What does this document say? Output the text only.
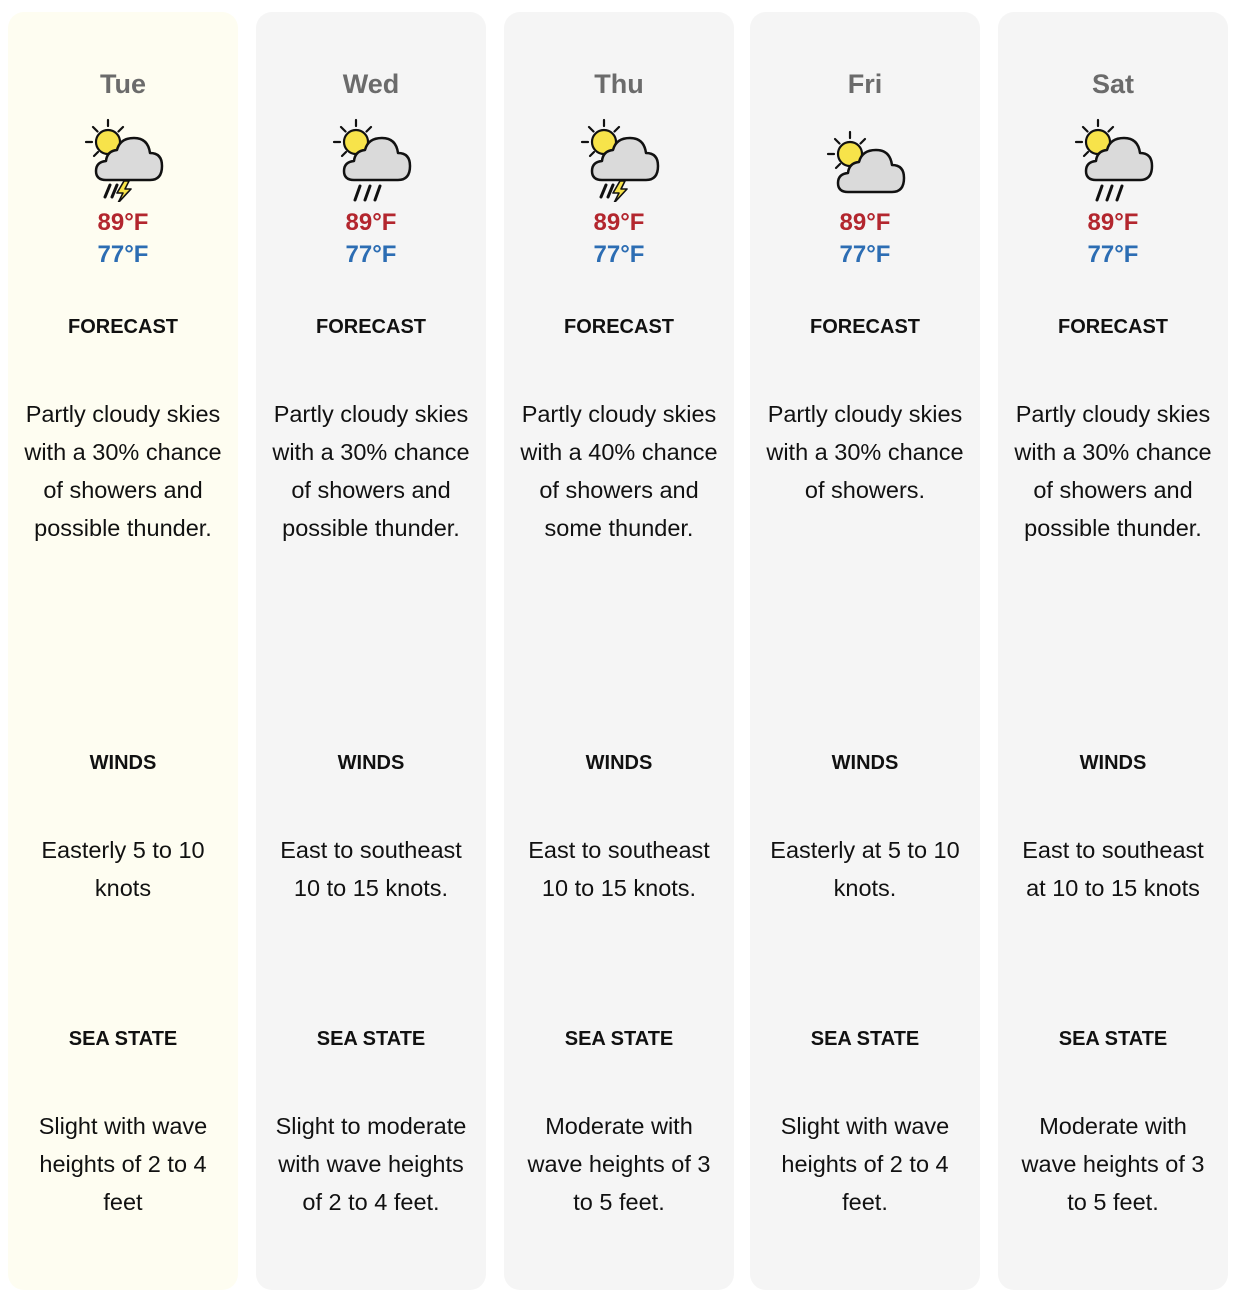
Tue
89°F
77°F
FORECAST
Partly cloudy skies with a 30% chance of showers and possible thunder.
WINDS
Easterly 5 to 10 knots
SEA STATE
Slight with wave heights of 2 to 4 feet
Wed
89°F
77°F
FORECAST
Partly cloudy skies with a 30% chance of showers and possible thunder.
WINDS
East to southeast 10 to 15 knots.
SEA STATE
Slight to moderate with wave heights of 2 to 4 feet.
Thu
89°F
77°F
FORECAST
Partly cloudy skies with a 40% chance of showers and some thunder.
WINDS
East to southeast 10 to 15 knots.
SEA STATE
Moderate with wave heights of 3 to 5 feet.
Fri
89°F
77°F
FORECAST
Partly cloudy skies with a 30% chance of showers.
WINDS
Easterly at 5 to 10 knots.
SEA STATE
Slight with wave heights of 2 to 4 feet.
Sat
89°F
77°F
FORECAST
Partly cloudy skies with a 30% chance of showers and possible thunder.
WINDS
East to southeast at 10 to 15 knots
SEA STATE
Moderate with wave heights of 3 to 5 feet.
